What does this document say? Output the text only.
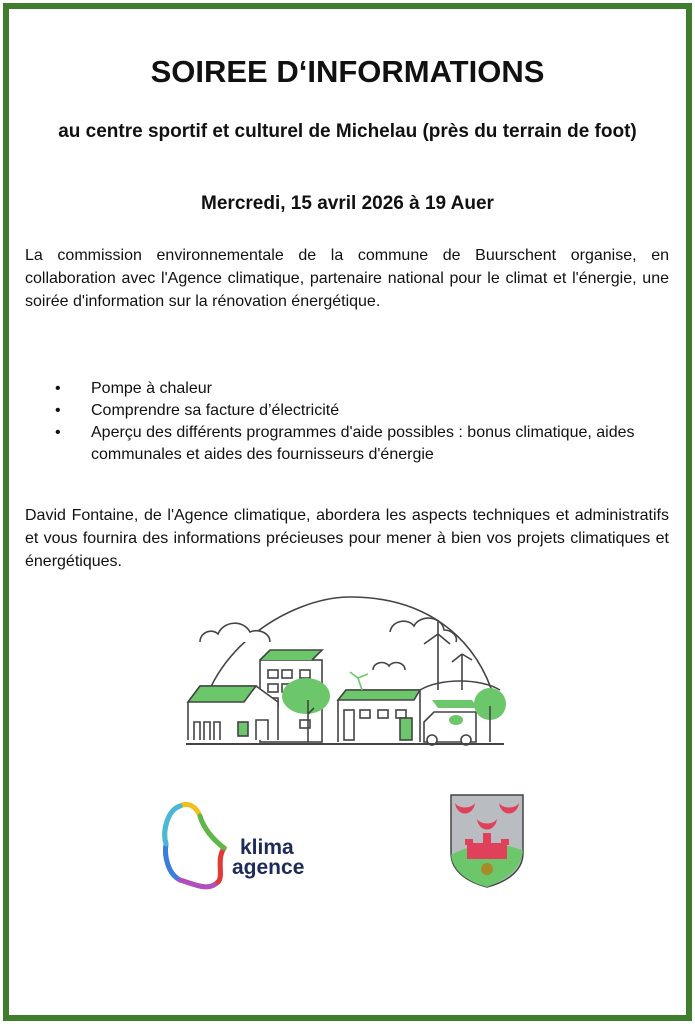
SOIREE D‘INFORMATIONS
au centre sportif et culturel de Michelau (près du terrain de foot)
Mercredi, 15 avril 2026 à 19 Auer
La commission environnementale de la commune de Buurschent organise, en collaboration avec l'Agence climatique, partenaire national pour le climat et l'énergie, une soirée d'information sur la rénovation énergétique.
• Pompe à chaleur
• Comprendre sa facture d’électricité
• Aperçu des différents programmes d'aide possibles : bonus climatique, aides communales et aides des fournisseurs d'énergie
David Fontaine, de l'Agence climatique, abordera les aspects techniques et administratifs et vous fournira des informations précieuses pour mener à bien vos projets climatiques et énergétiques.
klima
agence
